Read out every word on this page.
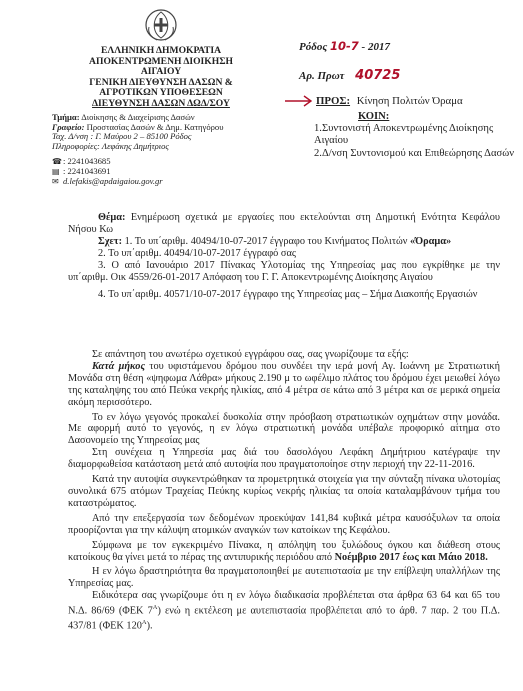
ΕΛΛΗΝΙΚΗ ΔΗΜΟΚΡΑΤΙΑ
ΑΠΟΚΕΝΤΡΩΜΕΝΗ ΔΙΟΙΚΗΣΗ
ΑΙΓΑΙΟΥ
ΓΕΝΙΚΗ ΔΙΕΥΘΥΝΣΗ ΔΑΣΩΝ &
ΑΓΡΟΤΙΚΩΝ ΥΠΟΘΕΣΕΩΝ
ΔΙΕΥΘΥΝΣΗ ΔΑΣΩΝ ΔΩΔ/ΣΟΥ
Τμήμα: Διοίκησης & Διαχείρισης Δασών
Γραφείο: Προστασίας Δασών & Δημ. Κατηγόρου
Ταχ. Δ/νση : Γ. Μαύρου 2 – 85100 Ρόδος
Πληροφορίες: Λεφάκης Δημήτριος
☎ : 2241043685
▤ : 2241043691
✉ d.lefakis@apdaigaiou.gov.gr
Ρόδος 10-7 - 2017
Αρ. Πρωτ 40725
ΠΡΟΣ: Κίνηση Πολιτών Όραμα
ΚΟΙΝ:
1.Συντονιστή Αποκεντρωμένης Διοίκησης
Αιγαίου
2.Δ/νση Συντονισμού και Επιθεώρησης Δασών

Θέμα: Ενημέρωση σχετικά με εργασίες που εκτελούνται στη Δημοτική Ενότητα Κεφάλου Νήσου Κω

Σχετ: 1. Το υπ΄αριθμ. 40494/10-07-2017 έγγραφο του Κινήματος Πολιτών «Όραμα»

2. Το υπ΄αριθμ. 40494/10-07-2017 έγγραφό σας

3. Ο από Ιανουάριο 2017 Πίνακας Υλοτομίας της Υπηρεσίας μας που εγκρίθηκε με την υπ΄αριθμ. Οικ 4559/26-01-2017 Απόφαση του Γ. Γ. Αποκεντρωμένης Διοίκησης Αιγαίου

4. Το υπ΄αριθμ. 40571/10-07-2017 έγγραφο της Υπηρεσίας μας – Σήμα Διακοπής Εργασιών

Σε απάντηση του ανωτέρω σχετικού εγγράφου σας, σας γνωρίζουμε τα εξής:

Κατά μήκος του υφιστάμενου δρόμου που συνδέει την ιερά μονή Αγ. Ιωάννη με Στρατιωτική Μονάδα στη θέση «ψηφωμα Λάθρα» μήκους 2.190 μ το ωφέλιμο πλάτος του δρόμου έχει μειωθεί λόγω της καταληψης του από Πεύκα νεκρής ηλικίας, από 4 μέτρα σε κάτω από 3 μέτρα και σε μερικά σημεία ακόμη περισσότερο.

Το εν λόγω γεγονός προκαλεί δυσκολία στην πρόσβαση στρατιωτικών οχημάτων στην μονάδα. Με αφορμή αυτό το γεγονός, η εν λόγω στρατιωτική μονάδα υπέβαλε προφορικό αίτημα στο Δασονομείο της Υπηρεσίας μας

Στη συνέχεια η Υπηρεσία μας διά του δασολόγου Λεφάκη Δημήτριου κατέγραψε την διαμορφωθείσα κατάσταση μετά από αυτοψία που πραγματοποίησε στην περιοχή την 22-11-2016.

Κατά την αυτοψία συγκεντρώθηκαν τα προμετρητικά στοιχεία για την σύνταξη πίνακα υλοτομίας συνολικά 675 ατόμων Τραχείας Πεύκης κυρίως νεκρής ηλικίας τα οποία καταλαμβάνουν τμήμα του καταστρώματος.

Από την επεξεργασία των δεδομένων προεκύψαν 141,84 κυβικά μέτρα καυσόξυλων τα οποία προορίζονται για την κάλυψη ατομικών αναγκών των κατοίκων της Κεφάλου.

Σύμφωνα με τον εγκεκριμένο Πίνακα, η απόληψη του ξυλώδους όγκου και διάθεση στους κατοίκους θα γίνει μετά το πέρας της αντιπυρικής περιόδου από Νοέμβριο 2017 έως και Μάιο 2018.

Η εν λόγω δραστηριότητα θα πραγματοποιηθεί με αυτεπιστασία με την επίβλεψη υπαλλήλων της Υπηρεσίας μας.

Ειδικότερα σας γνωρίζουμε ότι η εν λόγω διαδικασία προβλέπεται στα άρθρα 63 64 και 65 του Ν.Δ. 86/69 (ΦΕΚ $7^A$) ενώ η εκτέλεση με αυτεπιστασία προβλέπεται από το άρθ. 7 παρ. 2 του Π.Δ. 437/81 (ΦΕΚ $120^A$).
